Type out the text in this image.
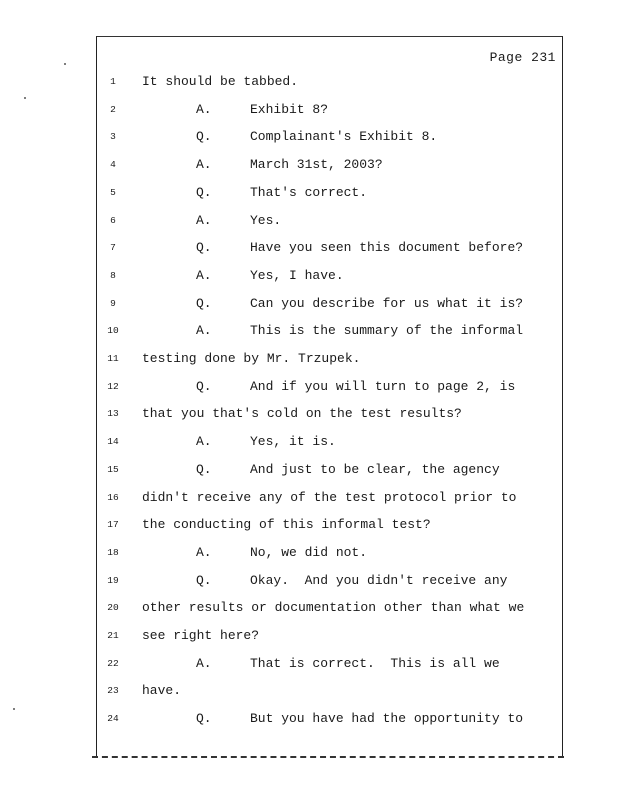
Page 231
1	It should be tabbed.
2	A.	Exhibit 8?
3	Q.	Complainant's Exhibit 8.
4	A.	March 31st, 2003?
5	Q.	That's correct.
6	A.	Yes.
7	Q.	Have you seen this document before?
8	A.	Yes, I have.
9	Q.	Can you describe for us what it is?
10	A.	This is the summary of the informal
11	testing done by Mr. Trzupek.
12	Q.	And if you will turn to page 2, is
13	that you that's cold on the test results?
14	A.	Yes, it is.
15	Q.	And just to be clear, the agency
16	didn't receive any of the test protocol prior to
17	the conducting of this informal test?
18	A.	No, we did not.
19	Q.	Okay.  And you didn't receive any
20	other results or documentation other than what we
21	see right here?
22	A.	That is correct.  This is all we
23	have.
24	Q.	But you have had the opportunity to
